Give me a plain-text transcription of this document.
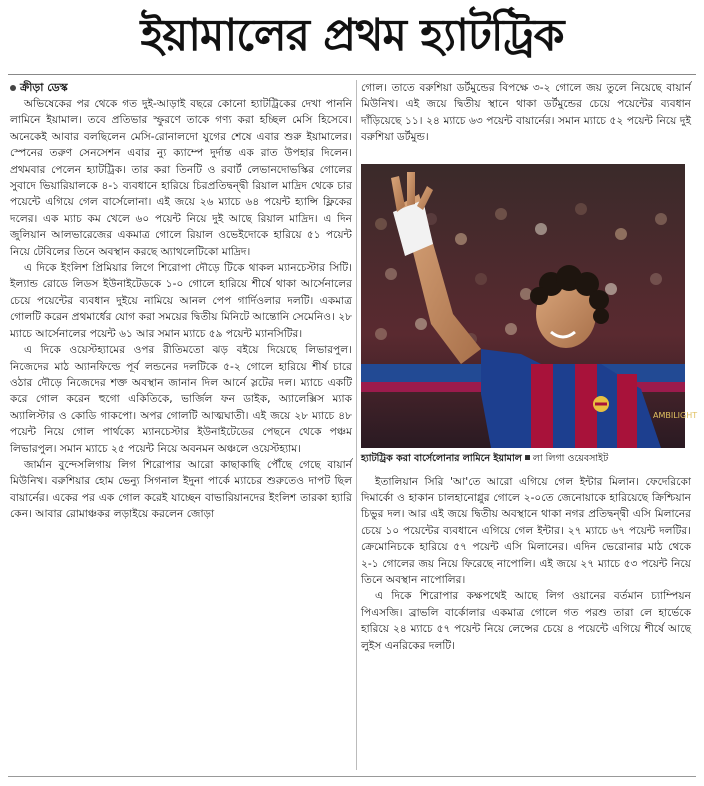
ইয়ামালের প্রথম হ্যাটট্রিক

ক্রীড়া ডেস্ক

অভিষেকের পর থেকে গত দুই-আড়াই বছরে কোনো হ্যাটট্রিকের দেখা পাননি লামিনে ইয়ামাল। তবে প্রতিভার স্ফুরণে তাকে গণ্য করা হচ্ছিল মেসি হিসেবে। অনেকেই আবার বলছিলেন মেসি-রোনালদো যুগের শেষে এবার শুরু ইয়ামালের। স্পেনের তরুণ সেনসেশন এবার ন্যু ক্যাম্পে দুর্দান্ত এক রাত উপহার দিলেন। প্রথমবার পেলেন হ্যাটট্রিক। তার করা তিনটি ও রবার্ট লেভানদোভস্কির গোলের সুবাদে ভিয়ারিয়ালকে ৪-১ ব্যবধানে হারিয়ে চিরপ্রতিদ্বন্দ্বী রিয়াল মাদ্রিদ থেকে চার পয়েন্টে এগিয়ে গেল বার্সেলোনা। এই জয়ে ২৬ ম্যাচে ৬৪ পয়েন্ট হ্যান্সি ফ্লিকের দলের। এক ম্যাচ কম খেলে ৬০ পয়েন্ট নিয়ে দুই আছে রিয়াল মাদ্রিদ। এ দিন জুলিয়ান আলভারেজের একমাত্র গোলে রিয়াল ওভেইদোকে হারিয়ে ৫১ পয়েন্ট নিয়ে টেবিলের তিনে অবস্থান করছে অ্যাথলেটিকো মাদ্রিদ।

এ দিকে ইংলিশ প্রিমিয়ার লিগে শিরোপা দৌড়ে টিকে থাকল ম্যানচেস্টার সিটি। ইল্যান্ড রোডে লিডস ইউনাইটেডকে ১-০ গোলে হারিয়ে শীর্ষে থাকা আর্সেনালের চেয়ে পয়েন্টের ব্যবধান দুইয়ে নামিয়ে আনল পেপ গার্দিওলার দলটি। একমাত্র গোলটি করেন প্রথমার্ধের যোগ করা সময়ের দ্বিতীয় মিনিটে আন্তোনি সেমেনিও। ২৮ ম্যাচে আর্সেনালের পয়েন্ট ৬১ আর সমান ম্যাচে ৫৯ পয়েন্ট ম্যানসিটির।

এ দিকে ওয়েস্টহ্যামের ওপর রীতিমতো ঝড় বইয়ে দিয়েছে লিভারপুল। নিজেদের মাঠ অ্যানফিল্ডে পূর্ব লন্ডনের দলটিকে ৫-২ গোলে হারিয়ে শীর্ষ চারে ওঠার দৌড়ে নিজেদের শক্ত অবস্থান জানান দিল আর্নে স্লটের দল। ম্যাচে একটি করে গোল করেন হুগো একিতিকে, ভার্জিল ফন ডাইক, অ্যালেক্সিস ম্যাক অ্যালিস্টার ও কোডি গাকপো। অপর গোলটি আত্মঘাতী। এই জয়ে ২৮ ম্যাচে ৪৮ পয়েন্ট নিয়ে গোল পার্থক্যে ম্যানচেস্টার ইউনাইটেডের পেছনে থেকে পঞ্চম লিভারপুল। সমান ম্যাচে ২৫ পয়েন্ট নিয়ে অবনমন অঞ্চলে ওয়েস্টহ্যাম।

জার্মান বুন্দেসলিগায় লিগ শিরোপার আরো কাছাকাছি পৌঁছে গেছে বায়ার্ন মিউনিখ। বরুশিয়ার হোম ভেন্যু সিগনাল ইদুনা পার্কে ম্যাচের শুরুতেও দাপট ছিল বায়ার্নের। একের পর এক গোল করেই যাচ্ছেন বাভারিয়ানদের ইংলিশ তারকা হ্যারি কেন। আবার রোমাঞ্চকর লড়াইয়ে করলেন জোড়া

গোল। তাতে বরুশিয়া ডর্টমুন্ডের বিপক্ষে ৩-২ গোলে জয় তুলে নিয়েছে বায়ার্ন মিউনিখ। এই জয়ে দ্বিতীয় স্থানে থাকা ডর্টমুন্ডের চেয়ে পয়েন্টের ব্যবধান দাঁড়িয়েছে ১১। ২৪ ম্যাচে ৬৩ পয়েন্ট বায়ার্নের। সমান ম্যাচে ৫২ পয়েন্ট নিয়ে দুই বরুশিয়া ডর্টমুন্ড।

AMBILIGHT

হ্যাটট্রিক করা বার্সেলোনার লামিনে ইয়ামাল লা লিগা ওয়েবসাইট

ইতালিয়ান সিরি 'আ'তে আরো এগিয়ে গেল ইন্টার মিলান। ফেদেরিকো দিমার্কো ও হাকান চালহানোগ্লুর গোলে ২-০তে জেনোয়াকে হারিয়েছে ক্রিশ্চিয়ান চিভুর দল। আর এই জয়ে দ্বিতীয় অবস্থানে থাকা নগর প্রতিদ্বন্দ্বী এসি মিলানের চেয়ে ১০ পয়েন্টের ব্যবধানে এগিয়ে গেল ইন্টার। ২৭ ম্যাচে ৬৭ পয়েন্ট দলটির। ক্রেমোনিচকে হারিয়ে ৫৭ পয়েন্ট এসি মিলানের। এদিন ভেরোনার মাঠ থেকে ২-১ গোলের জয় নিয়ে ফিরেছে নাপোলি। এই জয়ে ২৭ ম্যাচে ৫৩ পয়েন্ট নিয়ে তিনে অবস্থান নাপোলির।

এ দিকে শিরোপার কক্ষপথেই আছে লিগ ওয়ানের বর্তমান চ্যাম্পিয়ন পিএসজি। ব্রাভলি বার্কোলার একমাত্র গোলে গত পরশু তারা লে হার্ভেকে হারিয়ে ২৪ ম্যাচে ৫৭ পয়েন্ট নিয়ে লেন্সের চেয়ে ৪ পয়েন্টে এগিয়ে শীর্ষে আছে লুইস এনরিকের দলটি।
